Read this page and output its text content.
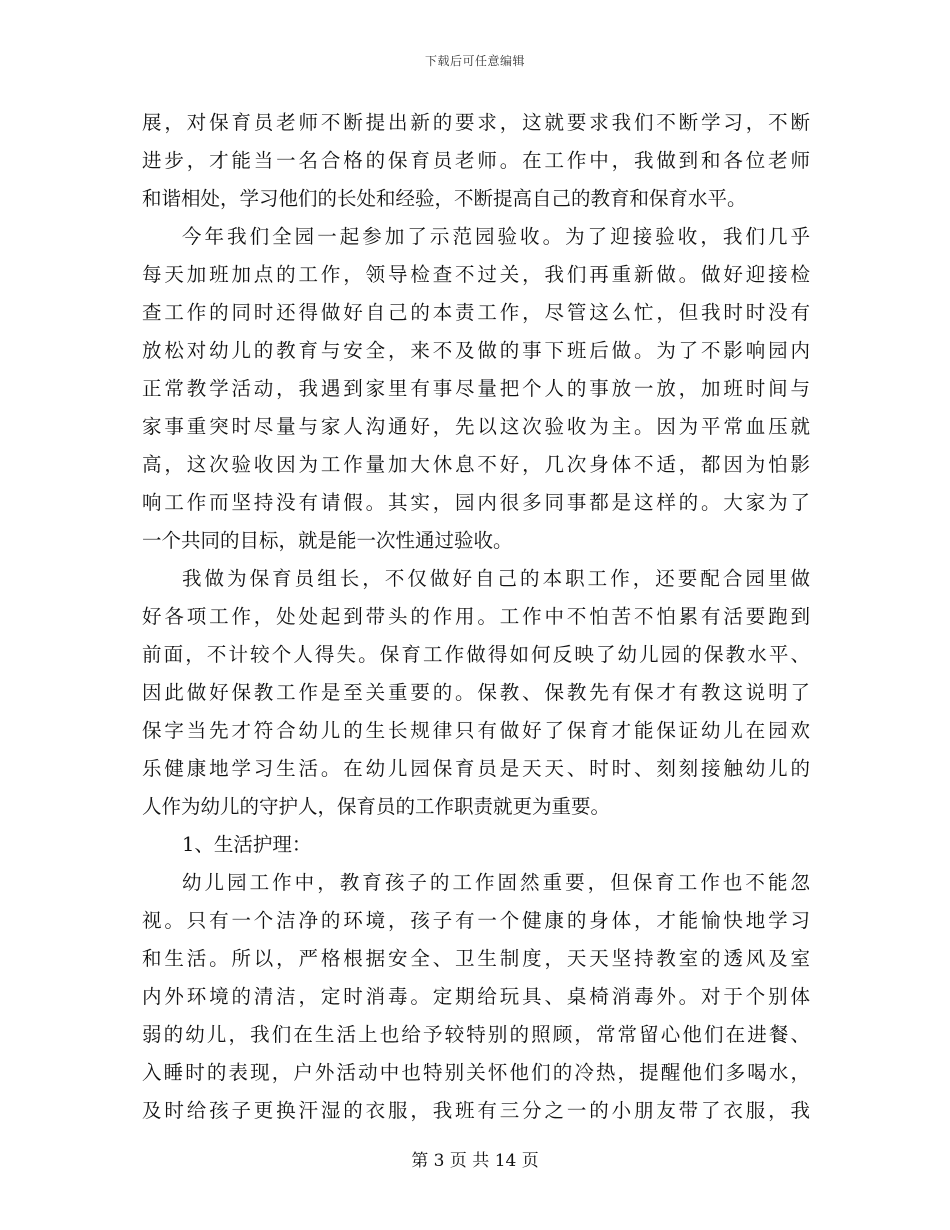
下载后可任意编辑
展，对保育员老师不断提出新的要求，这就要求我们不断学习，不断
进步，才能当一名合格的保育员老师。在工作中，我做到和各位老师
和谐相处，学习他们的长处和经验，不断提高自己的教育和保育水平。
今年我们全园一起参加了示范园验收。为了迎接验收，我们几乎
每天加班加点的工作，领导检查不过关，我们再重新做。做好迎接检
查工作的同时还得做好自己的本责工作，尽管这么忙，但我时时没有
放松对幼儿的教育与安全，来不及做的事下班后做。为了不影响园内
正常教学活动，我遇到家里有事尽量把个人的事放一放，加班时间与
家事重突时尽量与家人沟通好，先以这次验收为主。因为平常血压就
高，这次验收因为工作量加大休息不好，几次身体不适，都因为怕影
响工作而坚持没有请假。其实，园内很多同事都是这样的。大家为了
一个共同的目标，就是能一次性通过验收。
我做为保育员组长，不仅做好自己的本职工作，还要配合园里做
好各项工作，处处起到带头的作用。工作中不怕苦不怕累有活要跑到
前面，不计较个人得失。保育工作做得如何反映了幼儿园的保教水平、
因此做好保教工作是至关重要的。保教、保教先有保才有教这说明了
保字当先才符合幼儿的生长规律只有做好了保育才能保证幼儿在园欢
乐健康地学习生活。在幼儿园保育员是天天、时时、刻刻接触幼儿的
人作为幼儿的守护人，保育员的工作职责就更为重要。
1、生活护理：
幼儿园工作中，教育孩子的工作固然重要，但保育工作也不能忽
视。只有一个洁净的环境，孩子有一个健康的身体，才能愉快地学习
和生活。所以，严格根据安全、卫生制度，天天坚持教室的透风及室
内外环境的清洁，定时消毒。定期给玩具、桌椅消毒外。对于个别体
弱的幼儿，我们在生活上也给予较特别的照顾，常常留心他们在进餐、
入睡时的表现，户外活动中也特别关怀他们的冷热，提醒他们多喝水，
及时给孩子更换汗湿的衣服，我班有三分之一的小朋友带了衣服，我
第 3 页 共 14 页
